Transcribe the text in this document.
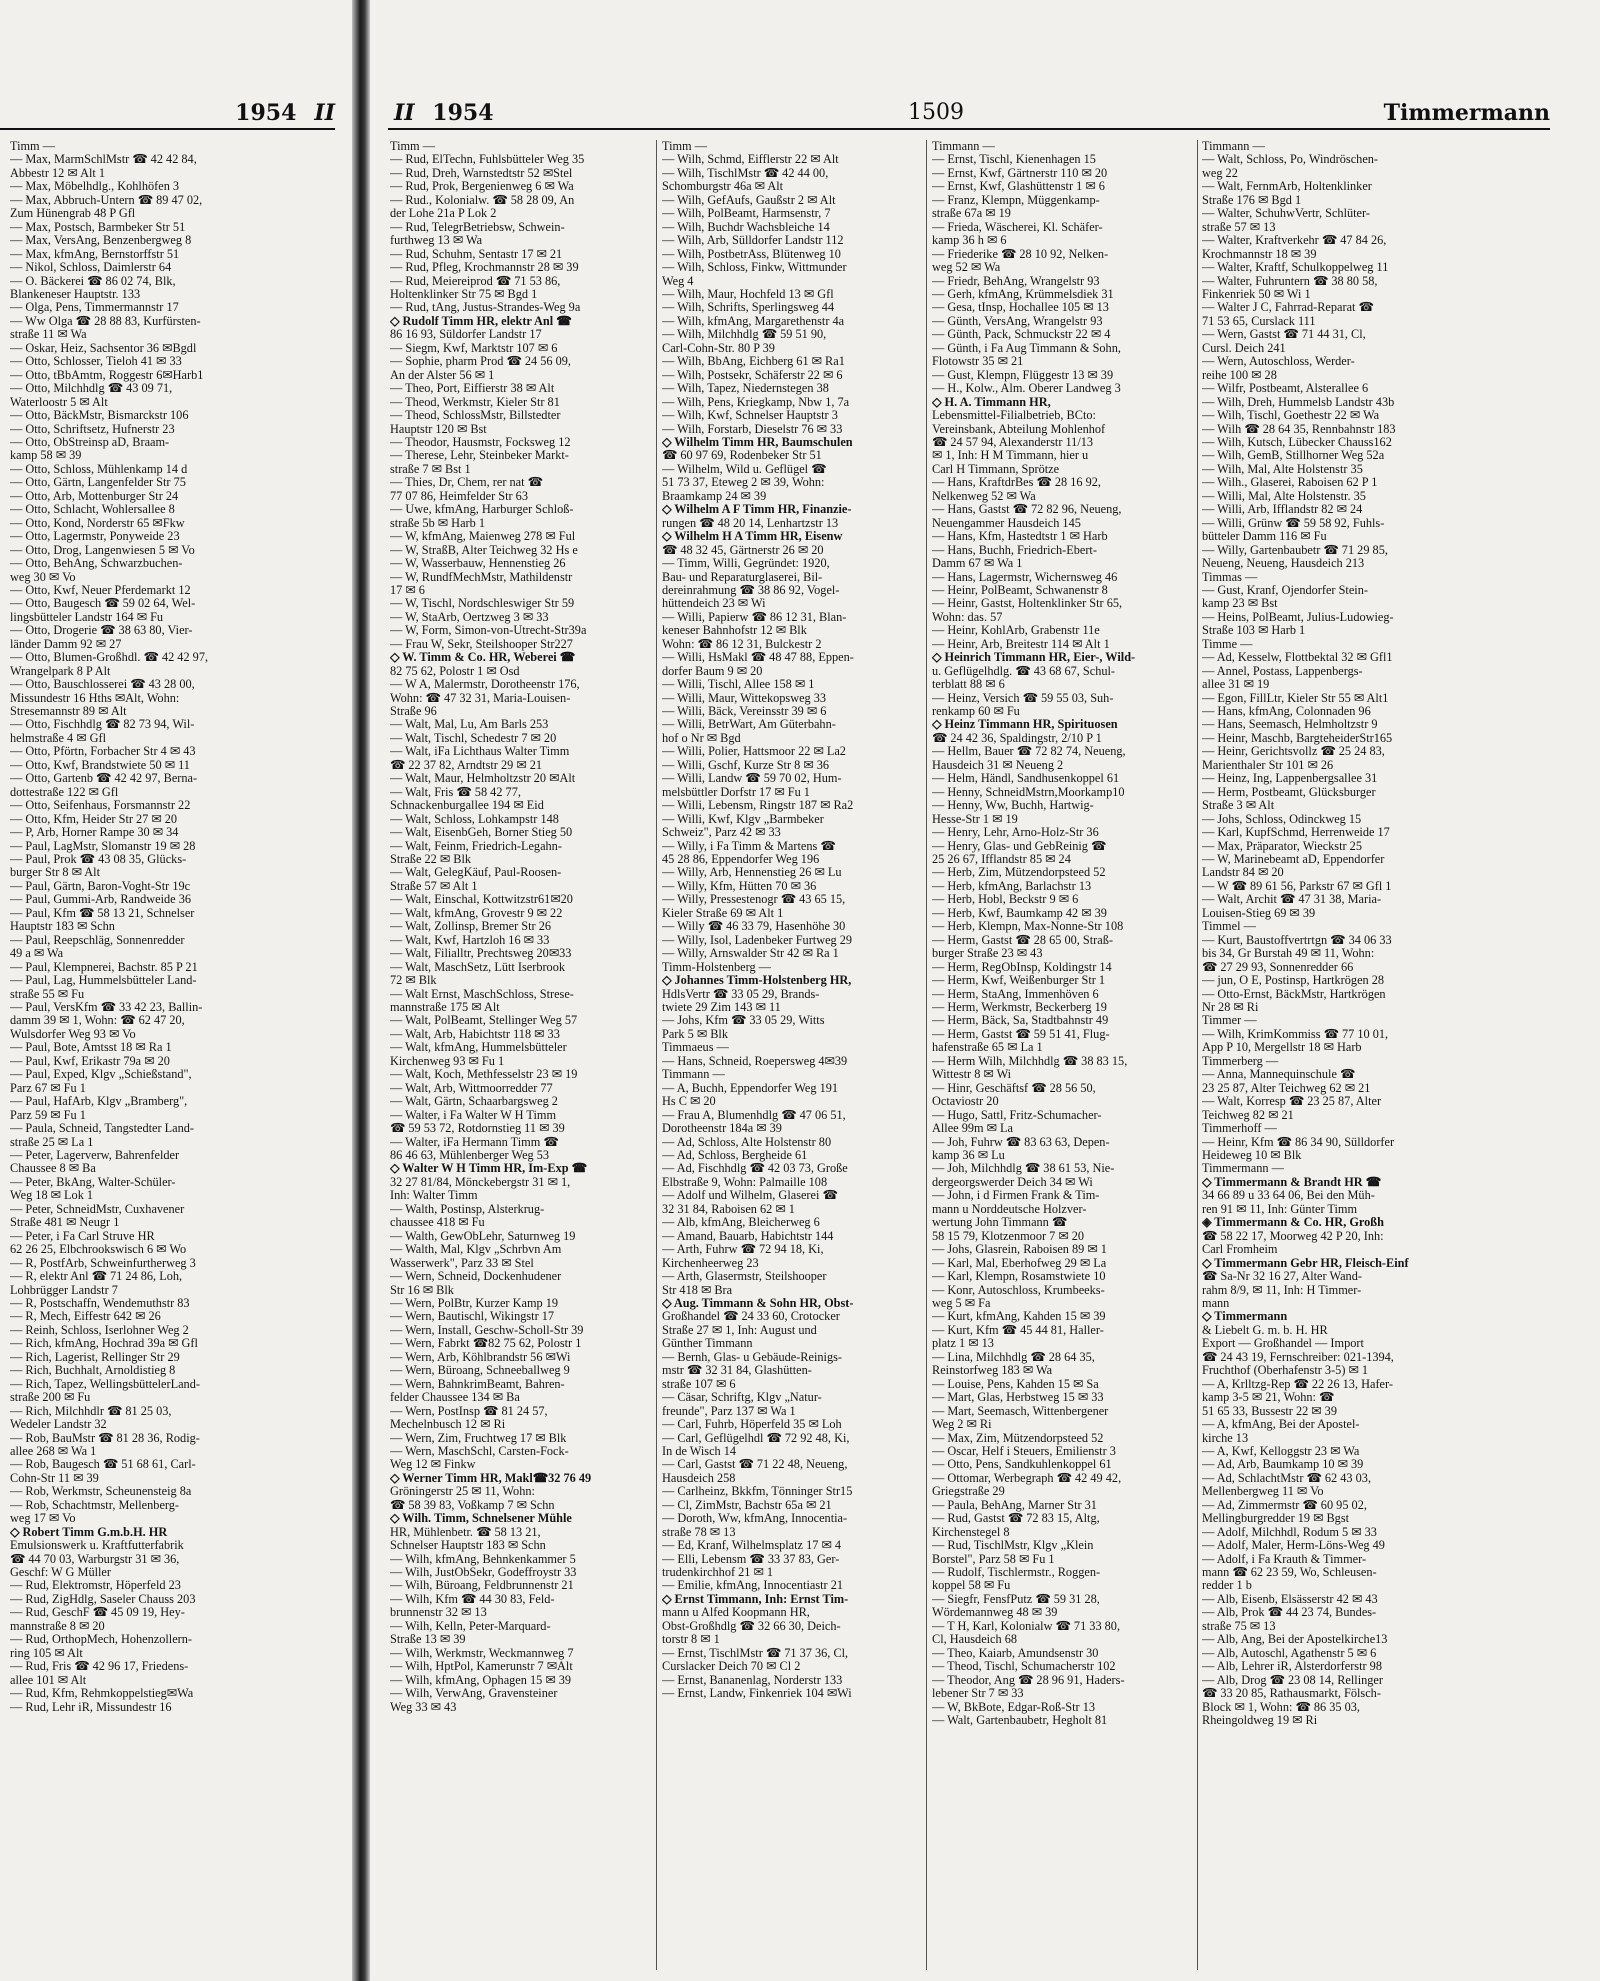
1954 II
Timm —
— Max, MarmSchlMstr ☎ 42 42 84,
Abbestr 12 ✉ Alt 1
— Max, Möbelhdlg., Kohlhöfen 3
— Max, Abbruch-Untern ☎ 89 47 02,
Zum Hünengrab 48 P Gfl
— Max, Postsch, Barmbeker Str 51
— Max, VersAng, Benzenbergweg 8
— Max, kfmAng, Bernstorffstr 51
— Nikol, Schloss, Daimlerstr 64
— O. Bäckerei ☎ 86 02 74, Blk,
Blankeneser Hauptstr. 133
— Olga, Pens, Timmermannstr 17
— Ww Olga ☎ 28 88 83, Kurfürsten-
straße 11 ✉ Wa
— Oskar, Heiz, Sachsentor 36 ✉Bgdl
— Otto, Schlosser, Tieloh 41 ✉ 33
— Otto, tBbAmtm, Roggestr 6✉Harb1
— Otto, Milchhdlg ☎ 43 09 71,
Waterloostr 5 ✉ Alt
— Otto, BäckMstr, Bismarckstr 106
— Otto, Schriftsetz, Hufnerstr 23
— Otto, ObStreinsp aD, Braam-
kamp 58 ✉ 39
— Otto, Schloss, Mühlenkamp 14 d
— Otto, Gärtn, Langenfelder Str 75
— Otto, Arb, Mottenburger Str 24
— Otto, Schlacht, Wohlersallee 8
— Otto, Kond, Norderstr 65 ✉Fkw
— Otto, Lagermstr, Ponyweide 23
— Otto, Drog, Langenwiesen 5 ✉ Vo
— Otto, BehAng, Schwarzbuchen-
weg 30 ✉ Vo
— Otto, Kwf, Neuer Pferdemarkt 12
— Otto, Baugesch ☎ 59 02 64, Wel-
lingsbütteler Landstr 164 ✉ Fu
— Otto, Drogerie ☎ 38 63 80, Vier-
länder Damm 92 ✉ 27
— Otto, Blumen-Großhdl. ☎ 42 42 97,
Wrangelpark 8 P Alt
— Otto, Bauschlosserei ☎ 43 28 00,
Missundestr 16 Hths ✉Alt, Wohn:
Stresemannstr 89 ✉ Alt
— Otto, Fischhdlg ☎ 82 73 94, Wil-
helmstraße 4 ✉ Gfl
— Otto, Pförtn, Forbacher Str 4 ✉ 43
— Otto, Kwf, Brandstwiete 50 ✉ 11
— Otto, Gartenb ☎ 42 42 97, Berna-
dottestraße 122 ✉ Gfl
— Otto, Seifenhaus, Forsmannstr 22
— Otto, Kfm, Heider Str 27 ✉ 20
— P, Arb, Horner Rampe 30 ✉ 34
— Paul, LagMstr, Slomanstr 19 ✉ 28
— Paul, Prok ☎ 43 08 35, Glücks-
burger Str 8 ✉ Alt
— Paul, Gärtn, Baron-Voght-Str 19c
— Paul, Gummi-Arb, Randweide 36
— Paul, Kfm ☎ 58 13 21, Schnelser
Hauptstr 183 ✉ Schn
— Paul, Reepschläg, Sonnenredder
49 a ✉ Wa
— Paul, Klempnerei, Bachstr. 85 P 21
— Paul, Lag, Hummelsbütteler Land-
straße 55 ✉ Fu
— Paul, VersKfm ☎ 33 42 23, Ballin-
damm 39 ✉ 1, Wohn: ☎ 62 47 20,
Wulsdorfer Weg 93 ✉ Vo
— Paul, Bote, Amtsst 18 ✉ Ra 1
— Paul, Kwf, Erikastr 79a ✉ 20
— Paul, Exped, Klgv „Schießstand",
Parz 67 ✉ Fu 1
— Paul, HafArb, Klgv „Bramberg",
Parz 59 ✉ Fu 1
— Paula, Schneid, Tangstedter Land-
straße 25 ✉ La 1
— Peter, Lagerverw, Bahrenfelder
Chaussee 8 ✉ Ba
— Peter, BkAng, Walter-Schüler-
Weg 18 ✉ Lok 1
— Peter, SchneidMstr, Cuxhavener
Straße 481 ✉ Neugr 1
— Peter, i Fa Carl Struve HR
62 26 25, Elbchrookswisch 6 ✉ Wo
— R, PostfArb, Schweinfurtherweg 3
— R, elektr Anl ☎ 71 24 86, Loh,
Lohbrügger Landstr 7
— R, Postschaffn, Wendemuthstr 83
— R, Mech, Eiffestr 642 ✉ 26
— Reinh, Schloss, Iserlohner Weg 2
— Rich, kfmAng, Hochrad 39a ✉ Gfl
— Rich, Lagerist, Rellinger Str 29
— Rich, Buchhalt, Arnoldistieg 8
— Rich, Tapez, WellingsbüttelerLand-
straße 200 ✉ Fu
— Rich, Milchhdlr ☎ 81 25 03,
Wedeler Landstr 32
— Rob, BauMstr ☎ 81 28 36, Rodig-
allee 268 ✉ Wa 1
— Rob, Baugesch ☎ 51 68 61, Carl-
Cohn-Str 11 ✉ 39
— Rob, Werkmstr, Scheunensteig 8a
— Rob, Schachtmstr, Mellenberg-
weg 17 ✉ Vo
◇ Robert Timm G.m.b.H. HR
Emulsionswerk u. Kraftfutterfabrik
☎ 44 70 03, Warburgstr 31 ✉ 36,
Geschf: W G Müller
— Rud, Elektromstr, Höperfeld 23
— Rud, ZigHdlg, Saseler Chauss 203
— Rud, GeschF ☎ 45 09 19, Hey-
mannstraße 8 ✉ 20
— Rud, OrthopMech, Hohenzollern-
ring 105 ✉ Alt
— Rud, Fris ☎ 42 96 17, Friedens-
allee 101 ✉ Alt
— Rud, Kfm, Rehmkoppelstieg✉Wa
— Rud, Lehr iR, Missundestr 16
II 1954	1509	Timmermann
Timm —
— Rud, ElTechn, Fuhlsbütteler Weg 35
— Rud, Dreh, Warnstedtstr 52 ✉Stel
— Rud, Prok, Bergenienweg 6 ✉ Wa
— Rud., Kolonialw. ☎ 58 28 09, An
der Lohe 21a P Lok 2
— Rud, TelegrBetriebsw, Schwein-
furthweg 13 ✉ Wa
— Rud, Schuhm, Sentastr 17 ✉ 21
— Rud, Pfleg, Krochmannstr 28 ✉ 39
— Rud, Meiereiprod ☎ 71 53 86,
Holtenklinker Str 75 ✉ Bgd 1
— Rud, tAng, Justus-Strandes-Weg 9a
◇ Rudolf Timm HR, elektr Anl ☎
86 16 93, Süldorfer Landstr 17
— Siegm, Kwf, Marktstr 107 ✉ 6
— Sophie, pharm Prod ☎ 24 56 09,
An der Alster 56 ✉ 1
— Theo, Port, Eiffierstr 38 ✉ Alt
— Theod, Werkmstr, Kieler Str 81
— Theod, SchlossMstr, Billstedter
Hauptstr 120 ✉ Bst
— Theodor, Hausmstr, Focksweg 12
— Therese, Lehr, Steinbeker Markt-
straße 7 ✉ Bst 1
— Thies, Dr, Chem, rer nat ☎
77 07 86, Heimfelder Str 63
— Uwe, kfmAng, Harburger Schloß-
straße 5b ✉ Harb 1
— W, kfmAng, Maienweg 278 ✉ Ful
— W, StraßB, Alter Teichweg 32 Hs e
— W, Wasserbauw, Hennenstieg 26
— W, RundfMechMstr, Mathildenstr
17 ✉ 6
— W, Tischl, Nordschleswiger Str 59
— W, StaArb, Oertzweg 3 ✉ 33
— W, Form, Simon-von-Utrecht-Str39a
— Frau W, Sekr, Steilshooper Str227
◇ W. Timm & Co. HR, Weberei ☎
82 75 62, Polostr 1 ✉ Osd
— W A, Malermstr, Dorotheenstr 176,
Wohn: ☎ 47 32 31, Maria-Louisen-
Straße 96
— Walt, Mal, Lu, Am Barls 253
— Walt, Tischl, Schedestr 7 ✉ 20
— Walt, iFa Lichthaus Walter Timm
☎ 22 37 82, Arndtstr 29 ✉ 21
— Walt, Maur, Helmholtzstr 20 ✉Alt
— Walt, Fris ☎ 58 42 77,
Schnackenburgallee 194 ✉ Eid
— Walt, Schloss, Lohkampstr 148
— Walt, EisenbGeh, Borner Stieg 50
— Walt, Feinm, Friedrich-Legahn-
Straße 22 ✉ Blk
— Walt, GelegKäuf, Paul-Roosen-
Straße 57 ✉ Alt 1
— Walt, Einschal, Kottwitzstr61✉20
— Walt, kfmAng, Grovestr 9 ✉ 22
— Walt, Zollinsp, Bremer Str 26
— Walt, Kwf, Hartzloh 16 ✉ 33
— Walt, Filialltr, Prechtsweg 20✉33
— Walt, MaschSetz, Lütt Iserbrook
72 ✉ Blk
— Walt Ernst, MaschSchloss, Strese-
mannstraße 175 ✉ Alt
— Walt, PolBeamt, Stellinger Weg 57
— Walt, Arb, Habichtstr 118 ✉ 33
— Walt, kfmAng, Hummelsbütteler
Kirchenweg 93 ✉ Fu 1
— Walt, Koch, Methfesselstr 23 ✉ 19
— Walt, Arb, Wittmoorredder 77
— Walt, Gärtn, Schaarbargsweg 2
— Walter, i Fa Walter W H Timm
☎ 59 53 72, Rotdornstieg 11 ✉ 39
— Walter, iFa Hermann Timm ☎
86 46 63, Mühlenberger Weg 53
◇ Walter W H Timm HR, Im-Exp ☎
32 27 81/84, Mönckebergstr 31 ✉ 1,
Inh: Walter Timm
— Walth, Postinsp, Alsterkrug-
chaussee 418 ✉ Fu
— Walth, GewObLehr, Saturnweg 19
— Walth, Mal, Klgv „Schrbvn Am
Wasserwerk", Parz 33 ✉ Stel
— Wern, Schneid, Dockenhudener
Str 16 ✉ Blk
— Wern, PolBtr, Kurzer Kamp 19
— Wern, Bautischl, Wikingstr 17
— Wern, Install, Geschw-Scholl-Str 39
— Wern, Fabrkt ☎82 75 62, Polostr 1
— Wern, Arb, Köhlbrandstr 56 ✉Wi
— Wern, Büroang, Schneeballweg 9
— Wern, BahnkrimBeamt, Bahren-
felder Chaussee 134 ✉ Ba
— Wern, PostInsp ☎ 81 24 57,
Mechelnbusch 12 ✉ Ri
— Wern, Zim, Fruchtweg 17 ✉ Blk
— Wern, MaschSchl, Carsten-Fock-
Weg 12 ✉ Finkw
◇ Werner Timm HR, Makl☎32 76 49
Gröningerstr 25 ✉ 11, Wohn:
☎ 58 39 83, Voßkamp 7 ✉ Schn
◇ Wilh. Timm, Schnelsener Mühle
HR, Mühlenbetr. ☎ 58 13 21,
Schnelser Hauptstr 183 ✉ Schn
— Wilh, kfmAng, Behnkenkammer 5
— Wilh, JustObSekr, Godeffroystr 33
— Wilh, Büroang, Feldbrunnenstr 21
— Wilh, Kfm ☎ 44 30 83, Feld-
brunnenstr 32 ✉ 13
— Wilh, Kelln, Peter-Marquard-
Straße 13 ✉ 39
— Wilh, Werkmstr, Weckmannweg 7
— Wilh, HptPol, Kamerunstr 7 ✉Alt
— Wilh, kfmAng, Ophagen 15 ✉ 39
— Wilh, VerwAng, Gravensteiner
Weg 33 ✉ 43
Timm —
— Wilh, Schmd, Eifflerstr 22 ✉ Alt
— Wilh, TischlMstr ☎ 42 44 00,
Schomburgstr 46a ✉ Alt
— Wilh, GefAufs, Gaußstr 2 ✉ Alt
— Wilh, PolBeamt, Harmsenstr, 7
— Wilh, Buchdr Wachsbleiche 14
— Wilh, Arb, Sülldorfer Landstr 112
— Wilh, PostbetrAss, Blütenweg 10
— Wilh, Schloss, Finkw, Wittmunder
Weg 4
— Wilh, Maur, Hochfeld 13 ✉ Gfl
— Wilh, Schrifts, Sperlingsweg 44
— Wilh, kfmAng, Margarethenstr 4a
— Wilh, Milchhdlg ☎ 59 51 90,
Carl-Cohn-Str. 80 P 39
— Wilh, BbAng, Eichberg 61 ✉ Ra1
— Wilh, Postsekr, Schäferstr 22 ✉ 6
— Wilh, Tapez, Niedernstegen 38
— Wilh, Pens, Kriegkamp, Nbw 1, 7a
— Wilh, Kwf, Schnelser Hauptstr 3
— Wilh, Forstarb, Dieselstr 76 ✉ 33
◇ Wilhelm Timm HR, Baumschulen
☎ 60 97 69, Rodenbeker Str 51
— Wilhelm, Wild u. Geflügel ☎
51 73 37, Eteweg 2 ✉ 39, Wohn:
Braamkamp 24 ✉ 39
◇ Wilhelm A F Timm HR, Finanzie-
rungen ☎ 48 20 14, Lenhartzstr 13
◇ Wilhelm H A Timm HR, Eisenw
☎ 48 32 45, Gärtnerstr 26 ✉ 20
— Timm, Willi, Gegründet: 1920,
Bau- und Reparaturglaserei, Bil-
dereinrahmung ☎ 38 86 92, Vogel-
hüttendeich 23 ✉ Wi
— Willi, Papierw ☎ 86 12 31, Blan-
keneser Bahnhofstr 12 ✉ Blk
Wohn: ☎ 86 12 31, Bulckestr 2
— Willi, HsMakl ☎ 48 47 88, Eppen-
dorfer Baum 9 ✉ 20
— Willi, Tischl, Allee 158 ✉ 1
— Willi, Maur, Wittekopsweg 33
— Willi, Bäck, Vereinsstr 39 ✉ 6
— Willi, BetrWart, Am Güterbahn-
hof o Nr ✉ Bgd
— Willi, Polier, Hattsmoor 22 ✉ La2
— Willi, Gschf, Kurze Str 8 ✉ 36
— Willi, Landw ☎ 59 70 02, Hum-
melsbüttler Dorfstr 17 ✉ Fu 1
— Willi, Lebensm, Ringstr 187 ✉ Ra2
— Willi, Kwf, Klgv „Barmbeker
Schweiz", Parz 42 ✉ 33
— Willy, i Fa Timm & Martens ☎
45 28 86, Eppendorfer Weg 196
— Willy, Arb, Hennenstieg 26 ✉ Lu
— Willy, Kfm, Hütten 70 ✉ 36
— Willy, Pressestenogr ☎ 43 65 15,
Kieler Straße 69 ✉ Alt 1
— Willy ☎ 46 33 79, Hasenhöhe 30
— Willy, Isol, Ladenbeker Furtweg 29
— Willy, Arnswalder Str 42 ✉ Ra 1
Timm-Holstenberg —
◇ Johannes Timm-Holstenberg HR,
HdlsVertr ☎ 33 05 29, Brands-
twiete 29 Zim 143 ✉ 11
— Johs, Kfm ☎ 33 05 29, Witts
Park 5 ✉ Blk
Timmaeus —
— Hans, Schneid, Roepersweg 4✉39
Timmann —
— A, Buchh, Eppendorfer Weg 191
Hs C ✉ 20
— Frau A, Blumenhdlg ☎ 47 06 51,
Dorotheenstr 184a ✉ 39
— Ad, Schloss, Alte Holstenstr 80
— Ad, Schloss, Bergheide 61
— Ad, Fischhdlg ☎ 42 03 73, Große
Elbstraße 9, Wohn: Palmaille 108
— Adolf und Wilhelm, Glaserei ☎
32 31 84, Raboisen 62 ✉ 1
— Alb, kfmAng, Bleicherweg 6
— Amand, Bauarb, Habichtstr 144
— Arth, Fuhrw ☎ 72 94 18, Ki,
Kirchenheerweg 23
— Arth, Glasermstr, Steilshooper
Str 418 ✉ Bra
◇ Aug. Timmann & Sohn HR, Obst-
Großhandel ☎ 24 33 60, Crotocker
Straße 27 ✉ 1, Inh: August und
Günther Timmann
— Bernh, Glas- u Gebäude-Reinigs-
mstr ☎ 32 31 84, Glashütten-
straße 107 ✉ 6
— Cäsar, Schriftg, Klgv „Natur-
freunde", Parz 137 ✉ Wa 1
— Carl, Fuhrb, Höperfeld 35 ✉ Loh
— Carl, Geflügelhdl ☎ 72 92 48, Ki,
In de Wisch 14
— Carl, Gastst ☎ 71 22 48, Neueng,
Hausdeich 258
— Carlheinz, Bkkfm, Tönninger Str15
— Cl, ZimMstr, Bachstr 65a ✉ 21
— Doroth, Ww, kfmAng, Innocentia-
straße 78 ✉ 13
— Ed, Kranf, Wilhelmsplatz 17 ✉ 4
— Elli, Lebensm ☎ 33 37 83, Ger-
trudenkirchhof 21 ✉ 1
— Emilie, kfmAng, Innocentiastr 21
◇ Ernst Timmann, Inh: Ernst Tim-
mann u Alfed Koopmann HR,
Obst-Großhdlg ☎ 32 66 30, Deich-
torstr 8 ✉ 1
— Ernst, TischlMstr ☎ 71 37 36, Cl,
Curslacker Deich 70 ✉ Cl 2
— Ernst, Bananenlag, Norderstr 133
— Ernst, Landw, Finkenriek 104 ✉Wi
Timmann —
— Ernst, Tischl, Kienenhagen 15
— Ernst, Kwf, Gärtnerstr 110 ✉ 20
— Ernst, Kwf, Glashüttenstr 1 ✉ 6
— Franz, Klempn, Müggenkamp-
straße 67a ✉ 19
— Frieda, Wäscherei, Kl. Schäfer-
kamp 36 h ✉ 6
— Friederike ☎ 28 10 92, Nelken-
weg 52 ✉ Wa
— Friedr, BehAng, Wrangelstr 93
— Gerh, kfmAng, Krümmelsdiek 31
— Gesa, tInsp, Hochallee 105 ✉ 13
— Günth, VersAng, Wrangelstr 93
— Günth, Pack, Schmuckstr 22 ✉ 4
— Günth, i Fa Aug Timmann & Sohn,
Flotowstr 35 ✉ 21
— Gust, Klempn, Flüggestr 13 ✉ 39
— H., Kolw., Alm. Oberer Landweg 3
◇ H. A. Timmann HR,
Lebensmittel-Filialbetrieb, BCto:
Vereinsbank, Abteilung Mohlenhof
☎ 24 57 94, Alexanderstr 11/13
✉ 1, Inh: H M Timmann, hier u
Carl H Timmann, Sprötze
— Hans, KraftdrBes ☎ 28 16 92,
Nelkenweg 52 ✉ Wa
— Hans, Gastst ☎ 72 82 96, Neueng,
Neuengammer Hausdeich 145
— Hans, Kfm, Hastedtstr 1 ✉ Harb
— Hans, Buchh, Friedrich-Ebert-
Damm 67 ✉ Wa 1
— Hans, Lagermstr, Wichernsweg 46
— Heinr, PolBeamt, Schwanenstr 8
— Heinr, Gastst, Holtenklinker Str 65,
Wohn: das. 57
— Heinr, KohlArb, Grabenstr 11e
— Heinr, Arb, Breitestr 114 ✉ Alt 1
◇ Heinrich Timmann HR, Eier-, Wild-
u. Geflügelhdlg. ☎ 43 68 67, Schul-
terblatt 88 ✉ 6
— Heinz, Versich ☎ 59 55 03, Suh-
renkamp 60 ✉ Fu
◇ Heinz Timmann HR, Spirituosen
☎ 24 42 36, Spaldingstr, 2/10 P 1
— Hellm, Bauer ☎ 72 82 74, Neueng,
Hausdeich 31 ✉ Neueng 2
— Helm, Händl, Sandhusenkoppel 61
— Henny, SchneidMstrn,Moorkamp10
— Henny, Ww, Buchh, Hartwig-
Hesse-Str 1 ✉ 19
— Henry, Lehr, Arno-Holz-Str 36
— Henry, Glas- und GebReinig ☎
25 26 67, Ifflandstr 85 ✉ 24
— Herb, Zim, Mützendorpsteed 52
— Herb, kfmAng, Barlachstr 13
— Herb, Hobl, Beckstr 9 ✉ 6
— Herb, Kwf, Baumkamp 42 ✉ 39
— Herb, Klempn, Max-Nonne-Str 108
— Herm, Gastst ☎ 28 65 00, Straß-
burger Straße 23 ✉ 43
— Herm, RegObInsp, Koldingstr 14
— Herm, Kwf, Weißenburger Str 1
— Herm, StaAng, Immenhöven 6
— Herm, Werkmstr, Beckerberg 19
— Herm, Bäck, Sa, Stadtbahnstr 49
— Herm, Gastst ☎ 59 51 41, Flug-
hafenstraße 65 ✉ La 1
— Herm Wilh, Milchhdlg ☎ 38 83 15,
Wittestr 8 ✉ Wi
— Hinr, Geschäftsf ☎ 28 56 50,
Octaviostr 20
— Hugo, Sattl, Fritz-Schumacher-
Allee 99m ✉ La
— Joh, Fuhrw ☎ 83 63 63, Depen-
kamp 36 ✉ Lu
— Joh, Milchhdlg ☎ 38 61 53, Nie-
dergeorgswerder Deich 34 ✉ Wi
— John, i d Firmen Frank & Tim-
mann u Norddeutsche Holzver-
wertung John Timmann ☎
58 15 79, Klotzenmoor 7 ✉ 20
— Johs, Glasrein, Raboisen 89 ✉ 1
— Karl, Mal, Eberhofweg 29 ✉ La
— Karl, Klempn, Rosamstwiete 10
— Konr, Autoschloss, Krumbeeks-
weg 5 ✉ Fa
— Kurt, kfmAng, Kahden 15 ✉ 39
— Kurt, Kfm ☎ 45 44 81, Haller-
platz 1 ✉ 13
— Lina, Milchhdlg ☎ 28 64 35,
Reinstorfweg 183 ✉ Wa
— Louise, Pens, Kahden 15 ✉ Sa
— Mart, Glas, Herbstweg 15 ✉ 33
— Mart, Seemasch, Wittenbergener
Weg 2 ✉ Ri
— Max, Zim, Mützendorpsteed 52
— Oscar, Helf i Steuers, Emilienstr 3
— Otto, Pens, Sandkuhlenkoppel 61
— Ottomar, Werbegraph ☎ 42 49 42,
Griegstraße 29
— Paula, BehAng, Marner Str 31
— Rud, Gastst ☎ 72 83 15, Altg,
Kirchenstegel 8
— Rud, TischlMstr, Klgv „Klein
Borstel", Parz 58 ✉ Fu 1
— Rudolf, Tischlermstr., Roggen-
koppel 58 ✉ Fu
— Siegfr, FensfPutz ☎ 59 31 28,
Wördemannweg 48 ✉ 39
— T H, Karl, Kolonialw ☎ 71 33 80,
Cl, Hausdeich 68
— Theo, Kaiarb, Amundsenstr 30
— Theod, Tischl, Schumacherstr 102
— Theodor, Ang ☎ 28 96 91, Haders-
lebener Str 7 ✉ 33
— W, BkBote, Edgar-Roß-Str 13
— Walt, Gartenbaubetr, Hegholt 81
Timmann —
— Walt, Schloss, Po, Windröschen-
weg 22
— Walt, FernmArb, Holtenklinker
Straße 176 ✉ Bgd 1
— Walter, SchuhwVertr, Schlüter-
straße 57 ✉ 13
— Walter, Kraftverkehr ☎ 47 84 26,
Krochmannstr 18 ✉ 39
— Walter, Kraftf, Schulkoppelweg 11
— Walter, Fuhruntern ☎ 38 80 58,
Finkenriek 50 ✉ Wi 1
— Walter J C, Fahrrad-Reparat ☎
71 53 65, Curslack 111
— Wern, Gastst ☎ 71 44 31, Cl,
Cursl. Deich 241
— Wern, Autoschloss, Werder-
reihe 100 ✉ 28
— Wilfr, Postbeamt, Alsterallee 6
— Wilh, Dreh, Hummelsb Landstr 43b
— Wilh, Tischl, Goethestr 22 ✉ Wa
— Wilh ☎ 28 64 35, Rennbahnstr 183
— Wilh, Kutsch, Lübecker Chauss162
— Wilh, GemB, Stillhorner Weg 52a
— Wilh, Mal, Alte Holstenstr 35
— Wilh., Glaserei, Raboisen 62 P 1
— Willi, Mal, Alte Holstenstr. 35
— Willi, Arb, Ifflandstr 82 ✉ 24
— Willi, Grünw ☎ 59 58 92, Fuhls-
bütteler Damm 116 ✉ Fu
— Willy, Gartenbaubetr ☎ 71 29 85,
Neueng, Neueng, Hausdeich 213
Timmas —
— Gust, Kranf, Ojendorfer Stein-
kamp 23 ✉ Bst
— Heins, PolBeamt, Julius-Ludowieg-
Straße 103 ✉ Harb 1
Timme —
— Ad, Kesselw, Flottbektal 32 ✉ Gfl1
— Annel, Postass, Lappenbergs-
allee 31 ✉ 19
— Egon, FillLtr, Kieler Str 55 ✉ Alt1
— Hans, kfmAng, Colonnaden 96
— Hans, Seemasch, Helmholtzstr 9
— Heinr, Maschb, BargteheiderStr165
— Heinr, Gerichtsvollz ☎ 25 24 83,
Marienthaler Str 101 ✉ 26
— Heinz, Ing, Lappenbergsallee 31
— Herm, Postbeamt, Glücksburger
Straße 3 ✉ Alt
— Johs, Schloss, Odinckweg 15
— Karl, KupfSchmd, Herrenweide 17
— Max, Präparator, Wieckstr 25
— W, Marinebeamt aD, Eppendorfer
Landstr 84 ✉ 20
— W ☎ 89 61 56, Parkstr 67 ✉ Gfl 1
— Walt, Archit ☎ 47 31 38, Maria-
Louisen-Stieg 69 ✉ 39
Timmel —
— Kurt, Baustoffvertrtgn ☎ 34 06 33
bis 34, Gr Burstah 49 ✉ 11, Wohn:
☎ 27 29 93, Sonnenredder 66
— jun, O E, Postinsp, Hartkrögen 28
— Otto-Ernst, BäckMstr, Hartkrögen
Nr 28 ✉ Ri
Timmer —
— Wilh, KrimKommiss ☎ 77 10 01,
App P 10, Mergellstr 18 ✉ Harb
Timmerberg —
— Anna, Mannequinschule ☎
23 25 87, Alter Teichweg 62 ✉ 21
— Walt, Korresp ☎ 23 25 87, Alter
Teichweg 82 ✉ 21
Timmerhoff —
— Heinr, Kfm ☎ 86 34 90, Sülldorfer
Heideweg 10 ✉ Blk
Timmermann —
◇ Timmermann & Brandt HR ☎
34 66 89 u 33 64 06, Bei den Müh-
ren 91 ✉ 11, Inh: Günter Timm
◈ Timmermann & Co. HR, Großh
☎ 58 22 17, Moorweg 42 P 20, Inh:
Carl Fromheim
◇ Timmermann Gebr HR, Fleisch-Einf
☎ Sa-Nr 32 16 27, Alter Wand-
rahm 8/9, ✉ 11, Inh: H Timmer-
mann
◇ Timmermann
& Liebelt G. m. b. H. HR
Export — Großhandel — Import
☎ 24 43 19, Fernschreiber: 021-1394,
Fruchthof (Oberhafenstr 3-5) ✉ 1
— A, Krlltzg-Rep ☎ 22 26 13, Hafer-
kamp 3-5 ✉ 21, Wohn: ☎
51 65 33, Bussestr 22 ✉ 39
— A, kfmAng, Bei der Apostel-
kirche 13
— A, Kwf, Kelloggstr 23 ✉ Wa
— Ad, Arb, Baumkamp 10 ✉ 39
— Ad, SchlachtMstr ☎ 62 43 03,
Mellenbergweg 11 ✉ Vo
— Ad, Zimmermstr ☎ 60 95 02,
Mellingburgredder 19 ✉ Bgst
— Adolf, Milchhdl, Rodum 5 ✉ 33
— Adolf, Maler, Herm-Löns-Weg 49
— Adolf, i Fa Krauth & Timmer-
mann ☎ 62 23 59, Wo, Schleusen-
redder 1 b
— Alb, Eisenb, Elsässerstr 42 ✉ 43
— Alb, Prok ☎ 44 23 74, Bundes-
straße 75 ✉ 13
— Alb, Ang, Bei der Apostelkirche13
— Alb, Autoschl, Agathenstr 5 ✉ 6
— Alb, Lehrer iR, Alsterdorferstr 98
— Alb, Drog ☎ 23 08 14, Rellinger
☎ 33 20 85, Rathausmarkt, Fölsch-
Block ✉ 1, Wohn: ☎ 86 35 03,
Rheingoldweg 19 ✉ Ri
